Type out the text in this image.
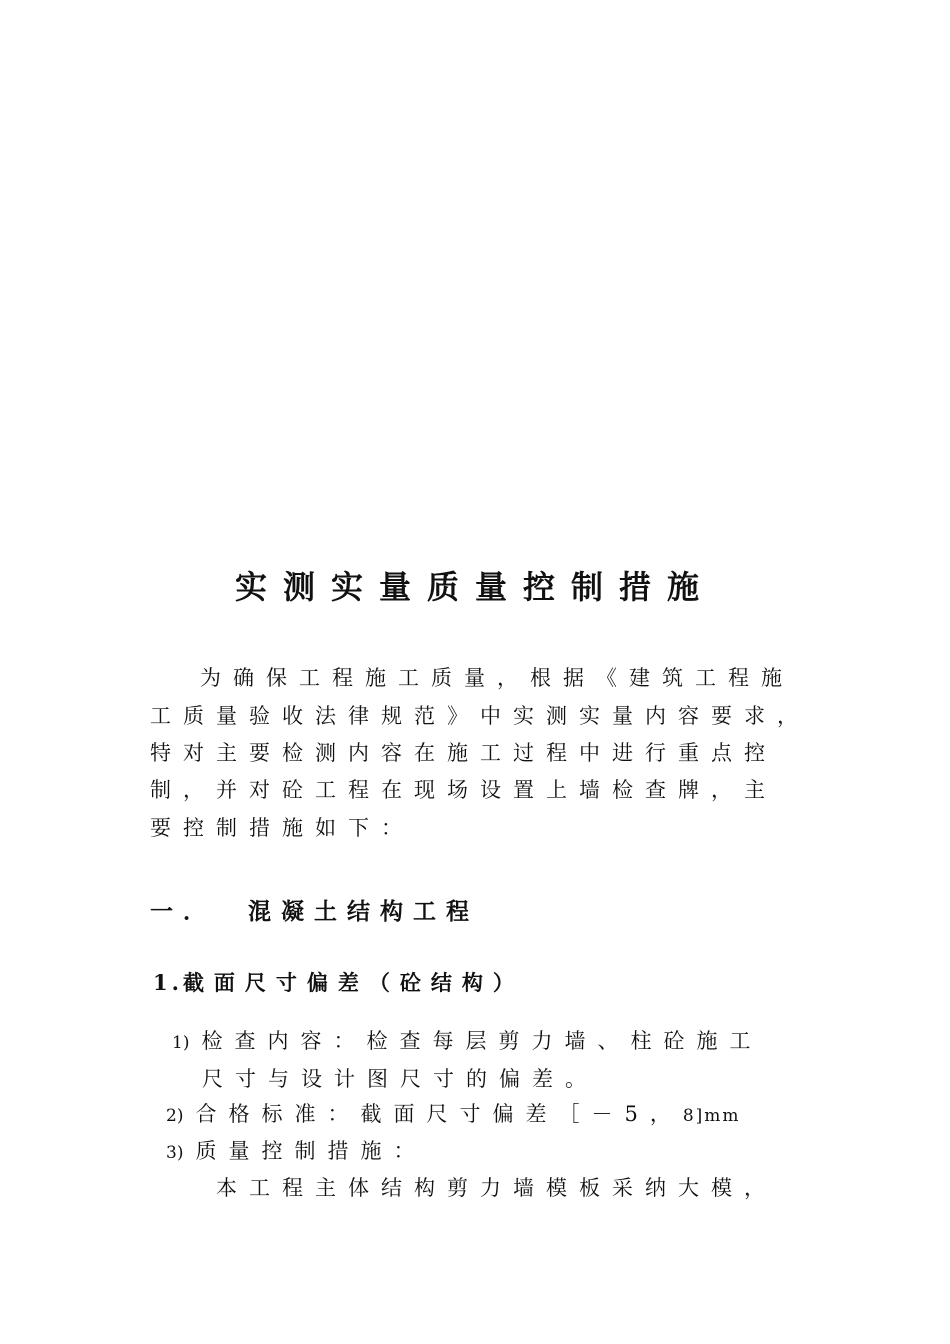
实测实量质量控制措施
为确保工程施工质量，根据《建筑工程施
工质量验收法律规范》中实测实量内容要求，
特对主要检测内容在施工过程中进行重点控
制，并对砼工程在现场设置上墙检查牌，主
要控制措施如下：
一． 混凝土结构工程
1.截面尺寸偏差（砼结构）
1) 检查内容：检查每层剪力墙、柱砼施工
尺寸与设计图尺寸的偏差。
2) 合格标准：截面尺寸偏差［－5，8]mm
3) 质量控制措施：
本工程主体结构剪力墙模板采纳大模，
